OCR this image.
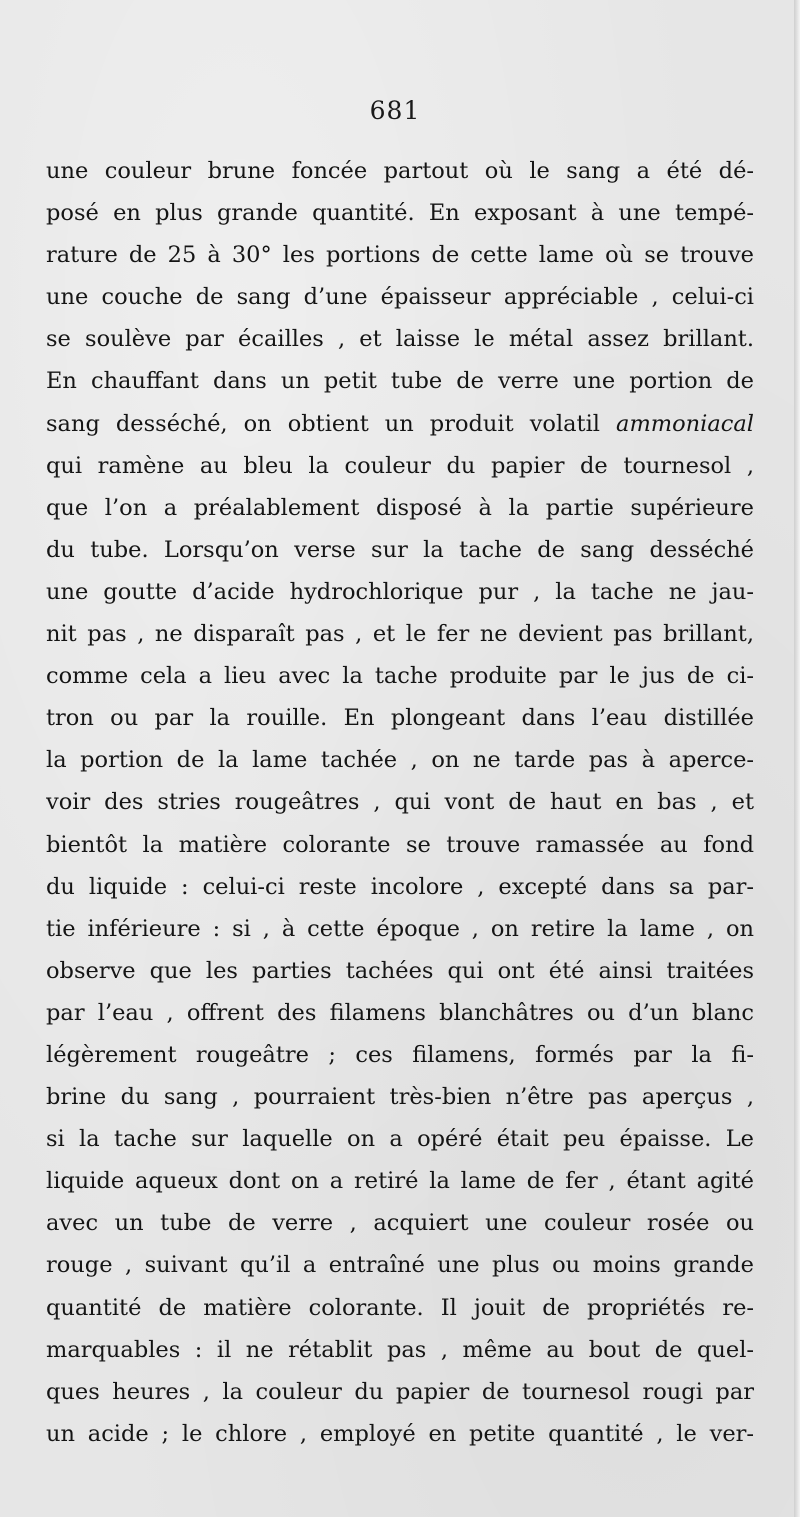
681
une couleur brune foncée partout où le sang a été dé-
posé en plus grande quantité. En exposant à une tempé-
rature de 25 à 30° les portions de cette lame où se trouve
une couche de sang d’une épaisseur appréciable , celui-ci
se soulève par écailles , et laisse le métal assez brillant.
En chauffant dans un petit tube de verre une portion de
sang desséché, on obtient un produit volatil ammoniacal
qui ramène au bleu la couleur du papier de tournesol ,
que l’on a préalablement disposé à la partie supérieure
du tube. Lorsqu’on verse sur la tache de sang desséché
une goutte d’acide hydrochlorique pur , la tache ne jau-
nit pas , ne disparaît pas , et le fer ne devient pas brillant,
comme cela a lieu avec la tache produite par le jus de ci-
tron ou par la rouille. En plongeant dans l’eau distillée
la portion de la lame tachée , on ne tarde pas à aperce-
voir des stries rougeâtres , qui vont de haut en bas , et
bientôt la matière colorante se trouve ramassée au fond
du liquide : celui-ci reste incolore , excepté dans sa par-
tie inférieure : si , à cette époque , on retire la lame , on
observe que les parties tachées qui ont été ainsi traitées
par l’eau , offrent des filamens blanchâtres ou d’un blanc
légèrement rougeâtre ; ces filamens, formés par la fi-
brine du sang , pourraient très-bien n’être pas aperçus ,
si la tache sur laquelle on a opéré était peu épaisse. Le
liquide aqueux dont on a retiré la lame de fer , étant agité
avec un tube de verre , acquiert une couleur rosée ou
rouge , suivant qu’il a entraîné une plus ou moins grande
quantité de matière colorante. Il jouit de propriétés re-
marquables : il ne rétablit pas , même au bout de quel-
ques heures , la couleur du papier de tournesol rougi par
un acide ; le chlore , employé en petite quantité , le ver-
